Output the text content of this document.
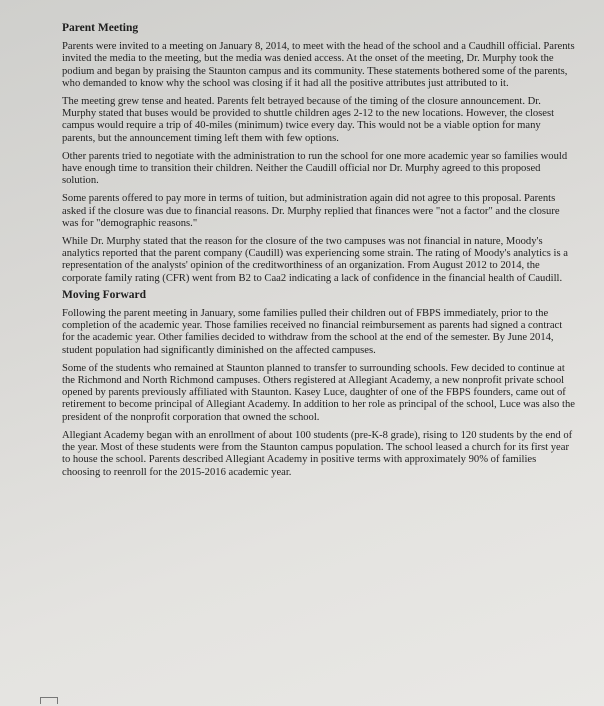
Parent Meeting

Parents were invited to a meeting on January 8, 2014, to meet with the head of the school and a Caudhill official. Parents invited the media to the meeting, but the media was denied access. At the onset of the meeting, Dr. Murphy took the podium and began by praising the Staunton campus and its community. These statements bothered some of the parents, who demanded to know why the school was closing if it had all the positive attributes just attributed to it.

The meeting grew tense and heated. Parents felt betrayed because of the timing of the closure announcement. Dr. Murphy stated that buses would be provided to shuttle children ages 2-12 to the new locations. However, the closest campus would require a trip of 40-miles (minimum) twice every day. This would not be a viable option for many parents, but the announcement timing left them with few options.

Other parents tried to negotiate with the administration to run the school for one more academic year so families would have enough time to transition their children. Neither the Caudill official nor Dr. Murphy agreed to this proposed solution.

Some parents offered to pay more in terms of tuition, but administration again did not agree to this proposal. Parents asked if the closure was due to financial reasons. Dr. Murphy replied that finances were "not a factor" and the closure was for "demographic reasons."

While Dr. Murphy stated that the reason for the closure of the two campuses was not financial in nature, Moody's analytics reported that the parent company (Caudill) was experiencing some strain. The rating of Moody's analytics is a representation of the analysts' opinion of the creditworthiness of an organization. From August 2012 to 2014, the corporate family rating (CFR) went from B2 to Caa2 indicating a lack of confidence in the financial health of Caudill.

Moving Forward

Following the parent meeting in January, some families pulled their children out of FBPS immediately, prior to the completion of the academic year. Those families received no financial reimbursement as parents had signed a contract for the academic year. Other families decided to withdraw from the school at the end of the semester. By June 2014, student population had significantly diminished on the affected campuses.

Some of the students who remained at Staunton planned to transfer to surrounding schools. Few decided to continue at the Richmond and North Richmond campuses. Others registered at Allegiant Academy, a new nonprofit private school opened by parents previously affiliated with Staunton. Kasey Luce, daughter of one of the FBPS founders, came out of retirement to become principal of Allegiant Academy. In addition to her role as principal of the school, Luce was also the president of the nonprofit corporation that owned the school.

Allegiant Academy began with an enrollment of about 100 students (pre-K-8 grade), rising to 120 students by the end of the year. Most of these students were from the Staunton campus population. The school leased a church for its first year to house the school. Parents described Allegiant Academy in positive terms with approximately 90% of families choosing to reenroll for the 2015-2016 academic year.
